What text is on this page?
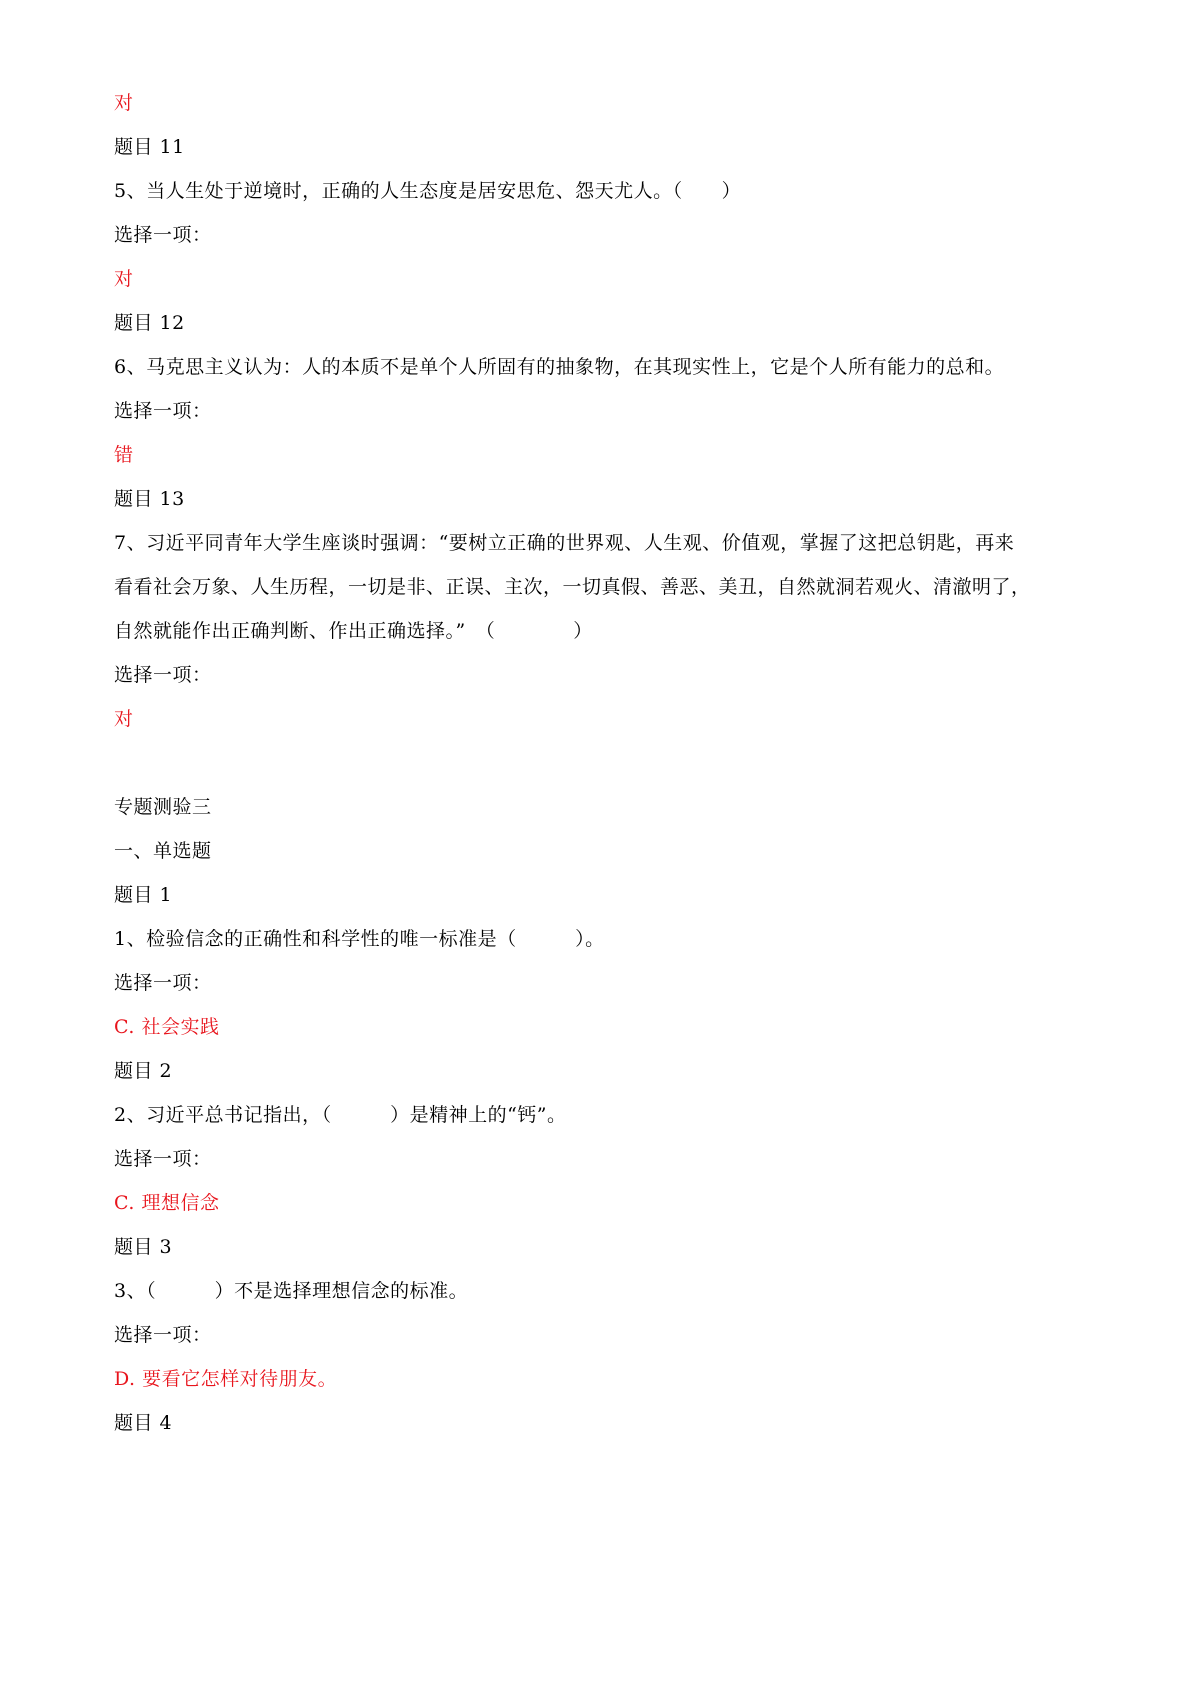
对
题目 11
5、当人生处于逆境时，正确的人生态度是居安思危、怨天尤人。（　　）
选择一项：
对
题目 12
6、马克思主义认为：人的本质不是单个人所固有的抽象物，在其现实性上，它是个人所有能力的总和。
选择一项：
错
题目 13
7、习近平同青年大学生座谈时强调：“要树立正确的世界观、人生观、价值观，掌握了这把总钥匙，再来
看看社会万象、人生历程，一切是非、正误、主次，一切真假、善恶、美丑，自然就洞若观火、清澈明了，
自然就能作出正确判断、作出正确选择。”　（　　　　）
选择一项：
对
专题测验三
一、单选题
题目 1
1、检验信念的正确性和科学性的唯一标准是（　　　）。
选择一项：
C. 社会实践
题目 2
2、习近平总书记指出，（　　　）是精神上的“钙”。
选择一项：
C. 理想信念
题目 3
3、（　　　）不是选择理想信念的标准。
选择一项：
D. 要看它怎样对待朋友。
题目 4
